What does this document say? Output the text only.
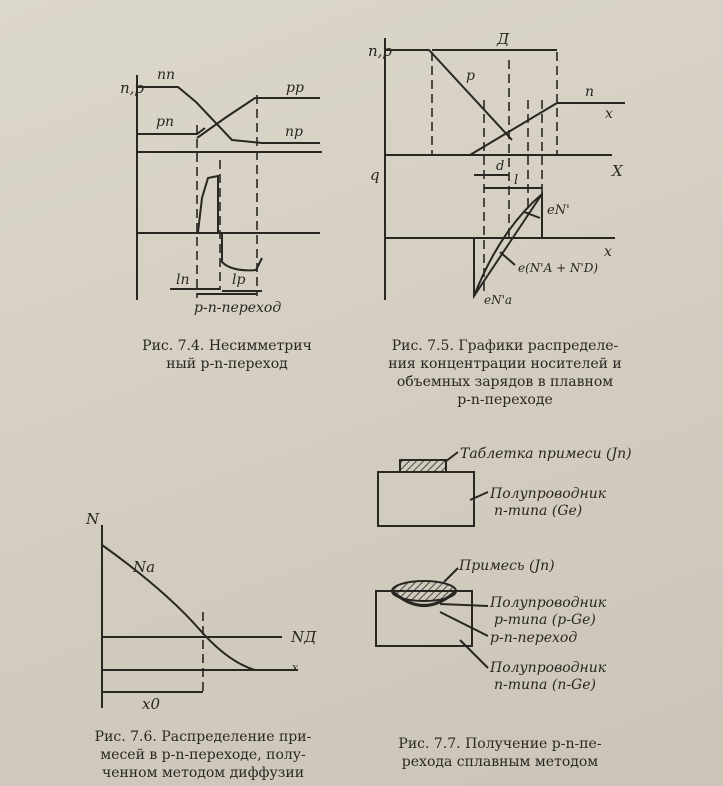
n,p
nn
pn
pp
np
ln	lp
p-n-переход
n,p
Д
p
n
x
X
q	d
l
eN'
x
e(N'A + N'D)
eN'a
N
Na
NД
x0
x
Таблетка примеси (Jn)
Полупроводник
n-типа (Ge)
Примесь (Jn)
Полупроводник
p-типа (p-Ge)
p-n-переход
Полупроводник
n-типа (n-Ge)
Рис. 7.4. Несимметрич
ный p-n-переход
Рис. 7.5. Графики распределе-
ния концентрации носителей и
объемных зарядов в плавном
p-n-переходе
Рис. 7.6. Распределение при-
месей в p-n-переходе, полу-
ченном методом диффузии
Рис. 7.7. Получение p-n-пе-
рехода сплавным методом
